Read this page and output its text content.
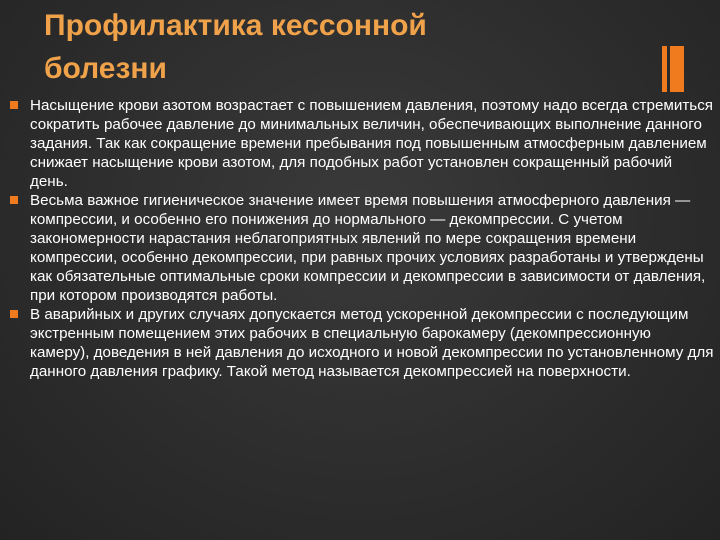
Профилактика кессонной
болезни
Насыщение крови азотом возрастает с повышением давления, поэтому надо всегда стремиться сократить рабочее давление до минимальных величин, обеспечивающих выполнение данного задания. Так как сокращение времени пребывания под повышенным атмосферным давлением снижает насыщение крови азотом, для подобных работ установлен сокращенный рабочий день.
Весьма важное гигиеническое значение имеет время повышения атмосферного давления — компрессии, и особенно его понижения до нормального — декомпрессии. С учетом закономерности нарастания неблагоприятных явлений по мере сокращения времени компрессии, особенно декомпрессии, при равных прочих условиях разработаны и утверждены как обязательные оптимальные сроки компрессии и декомпрессии в зависимости от давления, при котором производятся работы.
В аварийных и других случаях допускается метод ускоренной декомпрессии с последующим экстренным помещением этих рабочих в специальную барокамеру (декомпрессионную камеру), доведения в ней давления до исходного и новой декомпрессии по установленному для данного давления графику. Такой метод называется декомпрессией на поверхности.
